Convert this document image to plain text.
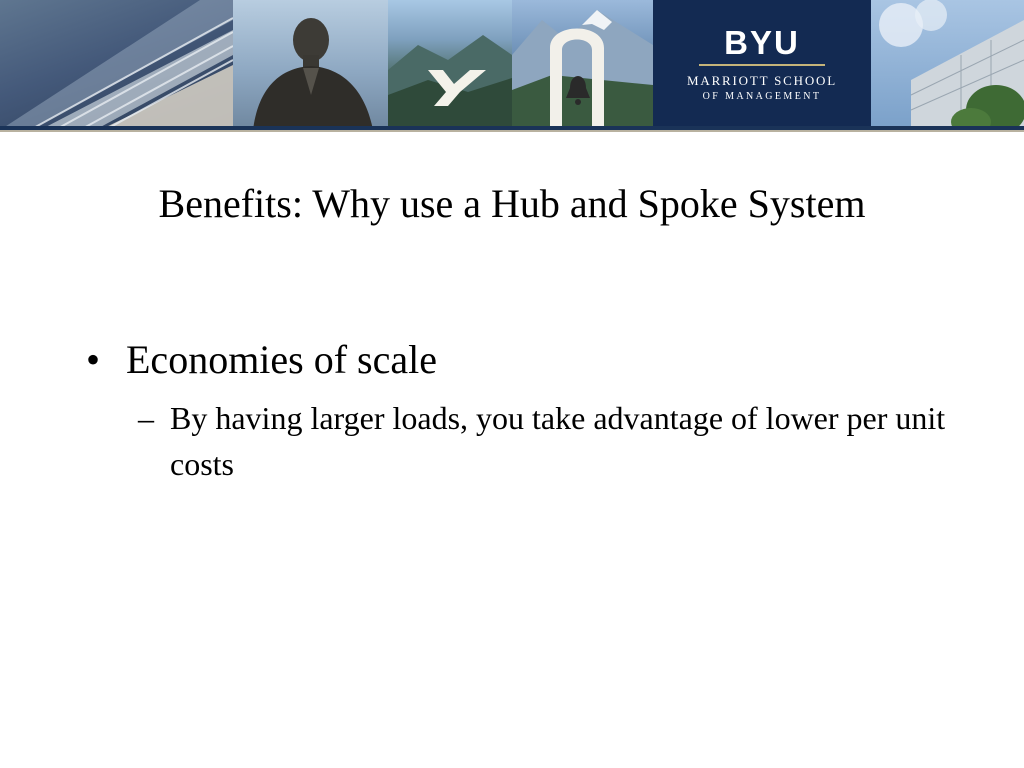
BYU
MARRIOTT SCHOOL
OF MANAGEMENT
Benefits: Why use a Hub and Spoke System
• Economies of scale
– By having larger loads, you take advantage of lower per unit costs
